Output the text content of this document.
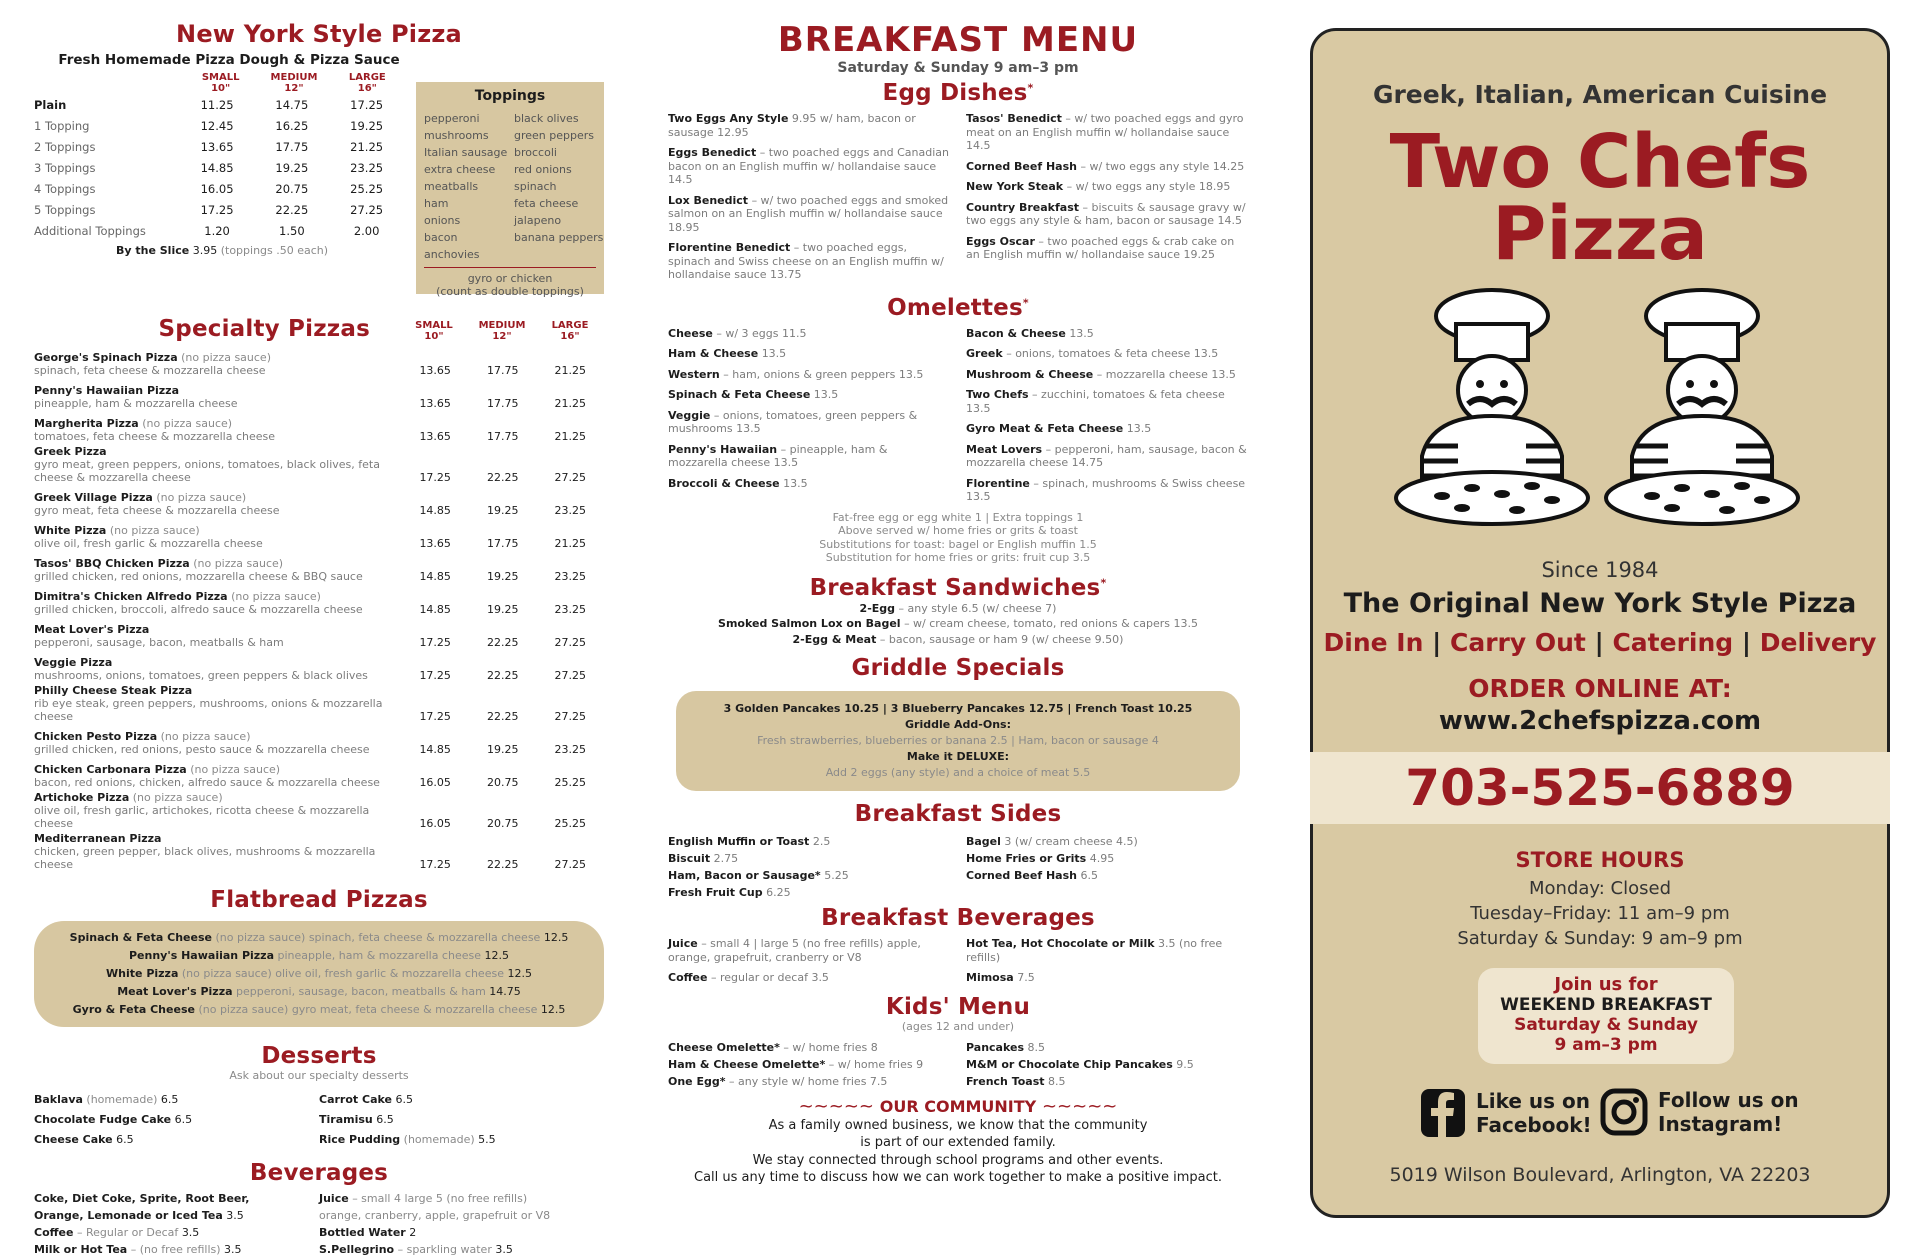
New York Style Pizza
Fresh Homemade Pizza Dough & Pizza Sauce
SMALL
10"
MEDIUM
12"
LARGE
16"
Plain	11.25	14.75	17.25
1 Topping	12.45	16.25	19.25
2 Toppings	13.65	17.75	21.25
3 Toppings	14.85	19.25	23.25
4 Toppings	16.05	20.75	25.25
5 Toppings	17.25	22.25	27.25
Additional Toppings	1.20	1.50	2.00
By the Slice 3.95 (toppings .50 each)
Toppings
pepperoni
mushrooms
Italian sausage
extra cheese
meatballs
ham
onions
bacon
anchovies
black olives
green peppers
broccoli
red onions
spinach
feta cheese
jalapeno
banana peppers
gyro or chicken
(count as double toppings)
Specialty Pizzas	SMALL
10"
MEDIUM
12"
LARGE
16"
George's Spinach Pizza (no pizza sauce)
spinach, feta cheese & mozzarella cheese	13.65	17.75	21.25
Penny's Hawaiian Pizza
pineapple, ham & mozzarella cheese	13.65	17.75	21.25
Margherita Pizza (no pizza sauce)
tomatoes, feta cheese & mozzarella cheese	13.65	17.75	21.25
Greek Pizza
gyro meat, green peppers, onions, tomatoes, black olives, feta cheese & mozzarella cheese	17.25	22.25	27.25
Greek Village Pizza (no pizza sauce)
gyro meat, feta cheese & mozzarella cheese	14.85	19.25	23.25
White Pizza (no pizza sauce)
olive oil, fresh garlic & mozzarella cheese	13.65	17.75	21.25
Tasos' BBQ Chicken Pizza (no pizza sauce)
grilled chicken, red onions, mozzarella cheese & BBQ sauce	14.85	19.25	23.25
Dimitra's Chicken Alfredo Pizza (no pizza sauce)
grilled chicken, broccoli, alfredo sauce & mozzarella cheese	14.85	19.25	23.25
Meat Lover's Pizza
pepperoni, sausage, bacon, meatballs & ham	17.25	22.25	27.25
Veggie Pizza
mushrooms, onions, tomatoes, green peppers & black olives	17.25	22.25	27.25
Philly Cheese Steak Pizza
rib eye steak, green peppers, mushrooms, onions & mozzarella cheese	17.25	22.25	27.25
Chicken Pesto Pizza (no pizza sauce)
grilled chicken, red onions, pesto sauce & mozzarella cheese	14.85	19.25	23.25
Chicken Carbonara Pizza (no pizza sauce)
bacon, red onions, chicken, alfredo sauce & mozzarella cheese	16.05	20.75	25.25
Artichoke Pizza (no pizza sauce)
olive oil, fresh garlic, artichokes, ricotta cheese & mozzarella cheese	16.05	20.75	25.25
Mediterranean Pizza
chicken, green pepper, black olives, mushrooms & mozzarella cheese	17.25	22.25	27.25
Flatbread Pizzas
Spinach & Feta Cheese (no pizza sauce) spinach, feta cheese & mozzarella cheese 12.5
Penny's Hawaiian Pizza pineapple, ham & mozzarella cheese 12.5
White Pizza (no pizza sauce) olive oil, fresh garlic & mozzarella cheese 12.5
Meat Lover's Pizza pepperoni, sausage, bacon, meatballs & ham 14.75
Gyro & Feta Cheese (no pizza sauce) gyro meat, feta cheese & mozzarella cheese 12.5
Desserts
Ask about our specialty desserts
Baklava (homemade) 6.5
Chocolate Fudge Cake 6.5
Cheese Cake 6.5
Carrot Cake 6.5
Tiramisu 6.5
Rice Pudding (homemade) 5.5
Beverages
Coke, Diet Coke, Sprite, Root Beer,
Orange, Lemonade or Iced Tea 3.5
Coffee – Regular or Decaf 3.5
Milk or Hot Tea – (no free refills) 3.5
Juice – small 4 large 5 (no free refills)
orange, cranberry, apple, grapefruit or V8
Bottled Water 2
S.Pellegrino – sparkling water 3.5
BREAKFAST MENU
Saturday & Sunday 9 am–3 pm
Egg Dishes*
Two Eggs Any Style 9.95 w/ ham, bacon or sausage 12.95
Eggs Benedict – two poached eggs and Canadian bacon on an English muffin w/ hollandaise sauce 14.5
Lox Benedict – w/ two poached eggs and smoked salmon on an English muffin w/ hollandaise sauce 18.95
Florentine Benedict – two poached eggs, spinach and Swiss cheese on an English muffin w/ hollandaise sauce 13.75
Tasos' Benedict – w/ two poached eggs and gyro meat on an English muffin w/ hollandaise sauce 14.5
Corned Beef Hash – w/ two eggs any style 14.25
New York Steak – w/ two eggs any style 18.95
Country Breakfast – biscuits & sausage gravy w/ two eggs any style & ham, bacon or sausage 14.5
Eggs Oscar – two poached eggs & crab cake on an English muffin w/ hollandaise sauce 19.25
Omelettes*
Cheese – w/ 3 eggs 11.5
Ham & Cheese 13.5
Western – ham, onions & green peppers 13.5
Spinach & Feta Cheese 13.5
Veggie – onions, tomatoes, green peppers & mushrooms 13.5
Penny's Hawaiian – pineapple, ham & mozzarella cheese 13.5
Broccoli & Cheese 13.5
Bacon & Cheese 13.5
Greek – onions, tomatoes & feta cheese 13.5
Mushroom & Cheese – mozzarella cheese 13.5
Two Chefs – zucchini, tomatoes & feta cheese 13.5
Gyro Meat & Feta Cheese 13.5
Meat Lovers – pepperoni, ham, sausage, bacon & mozzarella cheese 14.75
Florentine – spinach, mushrooms & Swiss cheese 13.5
Fat-free egg or egg white 1 | Extra toppings 1
Above served w/ home fries or grits & toast
Substitutions for toast: bagel or English muffin 1.5
Substitution for home fries or grits: fruit cup 3.5
Breakfast Sandwiches*
2-Egg – any style 6.5 (w/ cheese 7)
Smoked Salmon Lox on Bagel – w/ cream cheese, tomato, red onions & capers 13.5
2-Egg & Meat – bacon, sausage or ham 9 (w/ cheese 9.50)
Griddle Specials
3 Golden Pancakes 10.25 | 3 Blueberry Pancakes 12.75 | French Toast 10.25
Griddle Add-Ons:
Fresh strawberries, blueberries or banana 2.5 | Ham, bacon or sausage 4
Make it DELUXE:
Add 2 eggs (any style) and a choice of meat 5.5
Breakfast Sides
English Muffin or Toast 2.5
Biscuit 2.75
Ham, Bacon or Sausage* 5.25
Fresh Fruit Cup 6.25
Bagel 3 (w/ cream cheese 4.5)
Home Fries or Grits 4.95
Corned Beef Hash 6.5
Breakfast Beverages
Juice – small 4 | large 5 (no free refills) apple, orange, grapefruit, cranberry or V8
Coffee – regular or decaf 3.5
Hot Tea, Hot Chocolate or Milk 3.5 (no free refills)
Mimosa 7.5
Kids' Menu
(ages 12 and under)
Cheese Omelette* – w/ home fries 8
Ham & Cheese Omelette* – w/ home fries 9
One Egg* – any style w/ home fries 7.5
Pancakes 8.5
M&M or Chocolate Chip Pancakes 9.5
French Toast 8.5
~~~~~ OUR COMMUNITY ~~~~~
As a family owned business, we know that the community
is part of our extended family.
We stay connected through school programs and other events.
Call us any time to discuss how we can work together to make a positive impact.
Greek, Italian, American Cuisine
Two Chefs
Pizza
Since 1984
The Original New York Style Pizza
Dine In | Carry Out | Catering | Delivery
ORDER ONLINE AT:
www.2chefspizza.com
703-525-6889
STORE HOURS
Monday: Closed
Tuesday–Friday: 11 am–9 pm
Saturday & Sunday: 9 am–9 pm
Join us for
WEEKEND BREAKFAST
Saturday & Sunday
9 am–3 pm
Like us on
Facebook!
Follow us on
Instagram!
5019 Wilson Boulevard, Arlington, VA 22203
